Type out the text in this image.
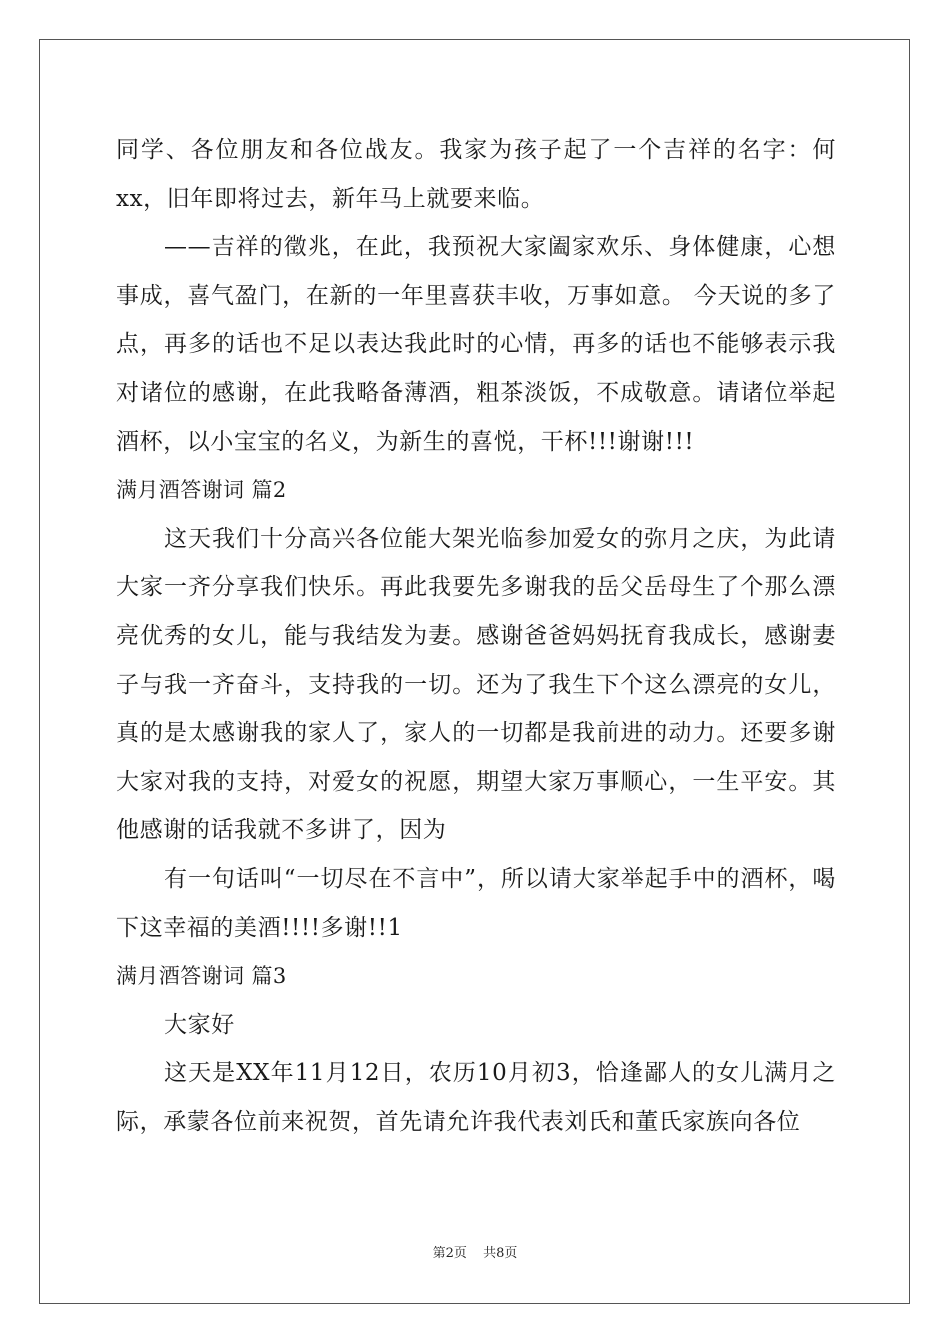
同学、各位朋友和各位战友。我家为孩子起了一个吉祥的名字：何xx，旧年即将过去，新年马上就要来临。

——吉祥的徵兆，在此，我预祝大家阖家欢乐、身体健康，心想事成，喜气盈门，在新的一年里喜获丰收，万事如意。 今天说的多了点，再多的话也不足以表达我此时的心情，再多的话也不能够表示我对诸位的感谢，在此我略备薄酒，粗茶淡饭，不成敬意。请诸位举起酒杯，以小宝宝的名义，为新生的喜悦，干杯!!!谢谢!!!

满月酒答谢词 篇2

这天我们十分高兴各位能大架光临参加爱女的弥月之庆，为此请大家一齐分享我们快乐。再此我要先多谢我的岳父岳母生了个那么漂亮优秀的女儿，能与我结发为妻。感谢爸爸妈妈抚育我成长，感谢妻子与我一齐奋斗，支持我的一切。还为了我生下个这么漂亮的女儿，真的是太感谢我的家人了，家人的一切都是我前进的动力。还要多谢大家对我的支持，对爱女的祝愿，期望大家万事顺心，一生平安。其他感谢的话我就不多讲了，因为

有一句话叫“一切尽在不言中”，所以请大家举起手中的酒杯，喝下这幸福的美酒!!!!多谢!!1

满月酒答谢词 篇3

大家好

这天是XX年11月12日，农历10月初3，恰逢鄙人的女儿满月之际，承蒙各位前来祝贺，首先请允许我代表刘氏和董氏家族向各位

第2页 共8页
